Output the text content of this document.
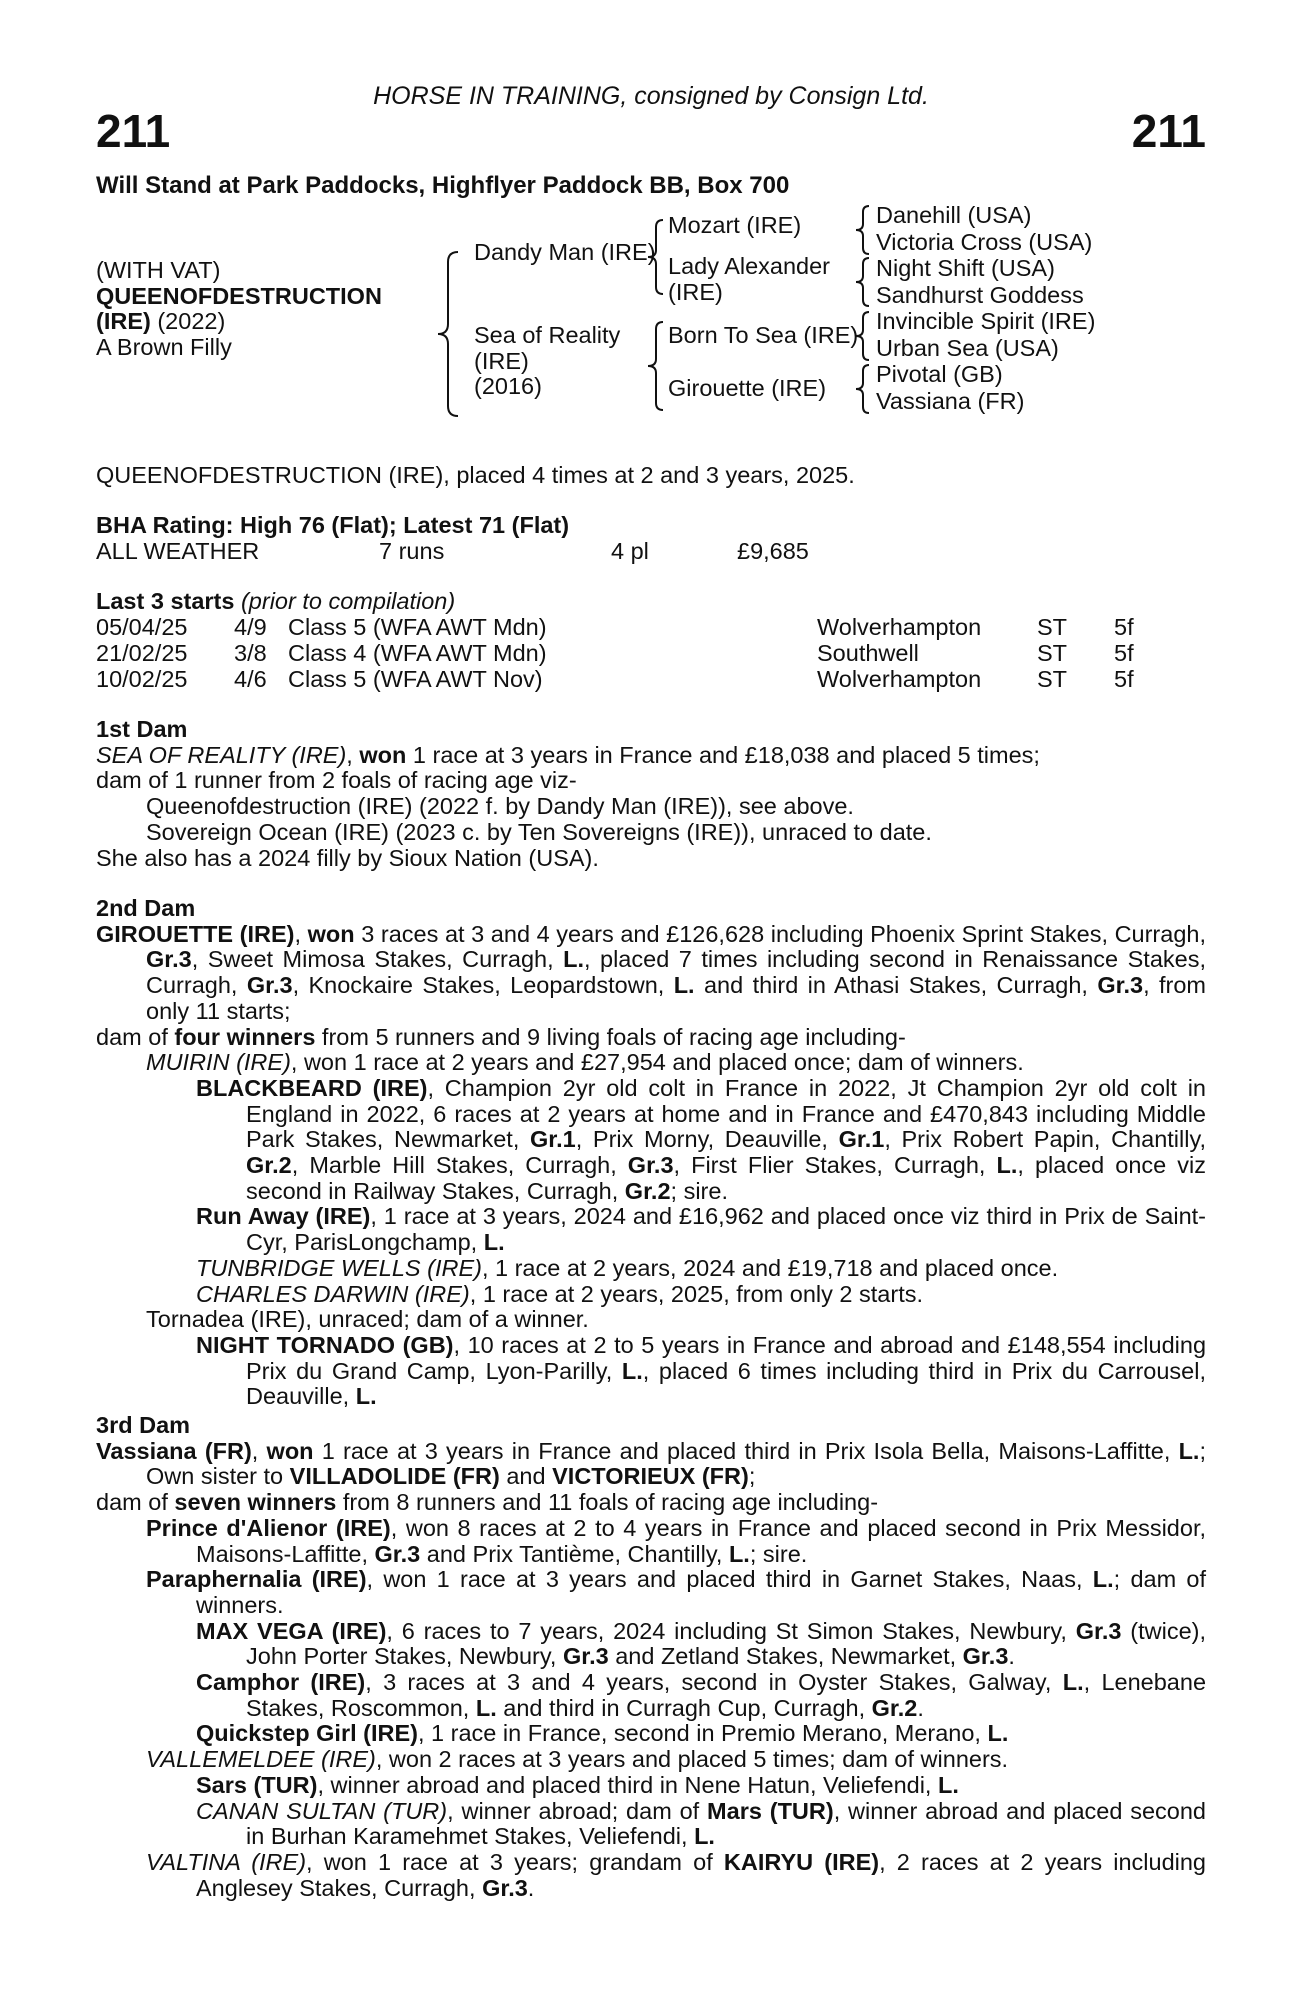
HORSE IN TRAINING, consigned by Consign Ltd.
211	211
Will Stand at Park Paddocks, Highflyer Paddock BB, Box 700
(WITH VAT)
QUEENOFDESTRUCTION
(IRE) (2022)
A Brown Filly
Dandy Man (IRE)
Sea of Reality
(IRE)
(2016)
Mozart (IRE)
Lady Alexander
(IRE)
Born To Sea (IRE)
Girouette (IRE)
Danehill (USA)
Victoria Cross (USA)
Night Shift (USA)
Sandhurst Goddess
Invincible Spirit (IRE)
Urban Sea (USA)
Pivotal (GB)
Vassiana (FR)
QUEENOFDESTRUCTION (IRE), placed 4 times at 2 and 3 years, 2025.
BHA Rating: High 76 (Flat); Latest 71 (Flat)
ALL WEATHER	7 runs	4 pl	£9,685
Last 3 starts (prior to compilation)
05/04/25 4/9 Class 5 (WFA AWT Mdn)	Wolverhampton ST 5f
21/02/25 3/8 Class 4 (WFA AWT Mdn)	Southwell	ST 5f
10/02/25 4/6 Class 5 (WFA AWT Nov)	Wolverhampton ST 5f
1st Dam
SEA OF REALITY (IRE), won 1 race at 3 years in France and £18,038 and placed 5 times;
dam of 1 runner from 2 foals of racing age viz-
Queenofdestruction (IRE) (2022 f. by Dandy Man (IRE)), see above.
Sovereign Ocean (IRE) (2023 c. by Ten Sovereigns (IRE)), unraced to date.
She also has a 2024 filly by Sioux Nation (USA).
2nd Dam
GIROUETTE (IRE), won 3 races at 3 and 4 years and £126,628 including Phoenix Sprint Stakes, Curragh, Gr.3, Sweet Mimosa Stakes, Curragh, L., placed 7 times including second in Renaissance Stakes, Curragh, Gr.3, Knockaire Stakes, Leopardstown, L. and third in Athasi Stakes, Curragh, Gr.3, from only 11 starts;
dam of four winners from 5 runners and 9 living foals of racing age including-
MUIRIN (IRE), won 1 race at 2 years and £27,954 and placed once; dam of winners.
BLACKBEARD (IRE), Champion 2yr old colt in France in 2022, Jt Champion 2yr old colt in England in 2022, 6 races at 2 years at home and in France and £470,843 including Middle Park Stakes, Newmarket, Gr.1, Prix Morny, Deauville, Gr.1, Prix Robert Papin, Chantilly, Gr.2, Marble Hill Stakes, Curragh, Gr.3, First Flier Stakes, Curragh, L., placed once viz second in Railway Stakes, Curragh, Gr.2; sire.
Run Away (IRE), 1 race at 3 years, 2024 and £16,962 and placed once viz third in Prix de Saint-Cyr, ParisLongchamp, L.
TUNBRIDGE WELLS (IRE), 1 race at 2 years, 2024 and £19,718 and placed once.
CHARLES DARWIN (IRE), 1 race at 2 years, 2025, from only 2 starts.
Tornadea (IRE), unraced; dam of a winner.
NIGHT TORNADO (GB), 10 races at 2 to 5 years in France and abroad and £148,554 including Prix du Grand Camp, Lyon-Parilly, L., placed 6 times including third in Prix du Carrousel, Deauville, L.
3rd Dam
Vassiana (FR), won 1 race at 3 years in France and placed third in Prix Isola Bella, Maisons-Laffitte, L.; Own sister to VILLADOLIDE (FR) and VICTORIEUX (FR);
dam of seven winners from 8 runners and 11 foals of racing age including-
Prince d'Alienor (IRE), won 8 races at 2 to 4 years in France and placed second in Prix Messidor, Maisons-Laffitte, Gr.3 and Prix Tantième, Chantilly, L.; sire.
Paraphernalia (IRE), won 1 race at 3 years and placed third in Garnet Stakes, Naas, L.; dam of winners.
MAX VEGA (IRE), 6 races to 7 years, 2024 including St Simon Stakes, Newbury, Gr.3 (twice), John Porter Stakes, Newbury, Gr.3 and Zetland Stakes, Newmarket, Gr.3.
Camphor (IRE), 3 races at 3 and 4 years, second in Oyster Stakes, Galway, L., Lenebane Stakes, Roscommon, L. and third in Curragh Cup, Curragh, Gr.2.
Quickstep Girl (IRE), 1 race in France, second in Premio Merano, Merano, L.
VALLEMELDEE (IRE), won 2 races at 3 years and placed 5 times; dam of winners.
Sars (TUR), winner abroad and placed third in Nene Hatun, Veliefendi, L.
CANAN SULTAN (TUR), winner abroad; dam of Mars (TUR), winner abroad and placed second in Burhan Karamehmet Stakes, Veliefendi, L.
VALTINA (IRE), won 1 race at 3 years; grandam of KAIRYU (IRE), 2 races at 2 years including Anglesey Stakes, Curragh, Gr.3.
